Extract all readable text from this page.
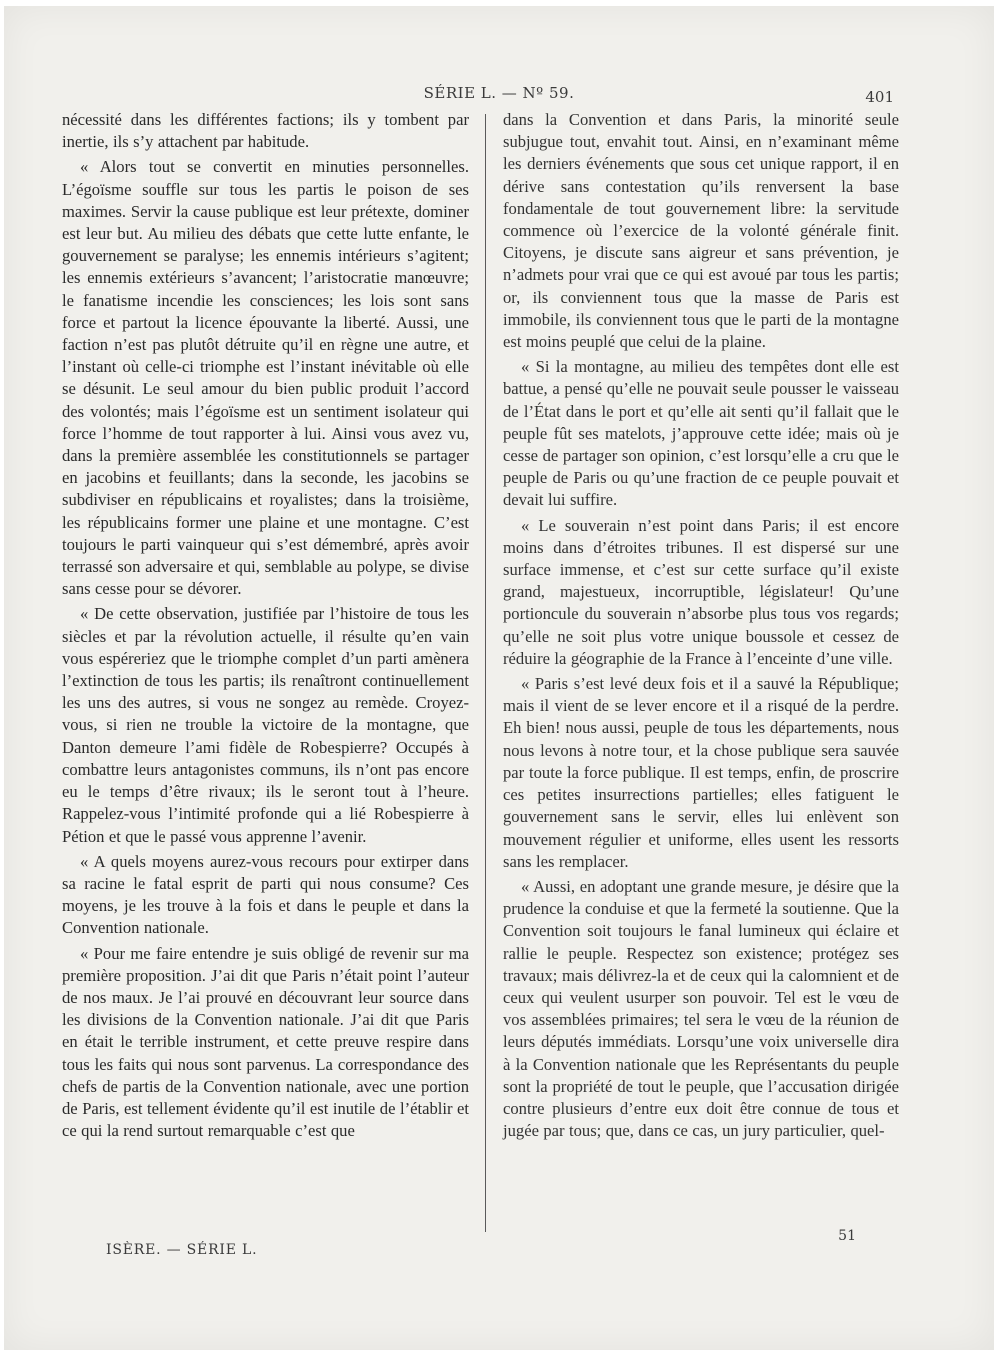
SÉRIE L. — Nº 59.	401

nécessité dans les différentes factions; ils y tombent par inertie, ils s’y attachent par habitude.

« Alors tout se convertit en minuties personnelles. L’égoïsme souffle sur tous les partis le poison de ses maximes. Servir la cause publique est leur prétexte, dominer est leur but. Au milieu des débats que cette lutte enfante, le gouvernement se paralyse; les ennemis intérieurs s’agitent; les ennemis extérieurs s’avancent; l’aristocratie manœuvre; le fanatisme incendie les consciences; les lois sont sans force et partout la licence épouvante la liberté. Aussi, une faction n’est pas plutôt détruite qu’il en règne une autre, et l’instant où celle-ci triomphe est l’instant inévitable où elle se désunit. Le seul amour du bien public produit l’accord des volontés; mais l’égoïsme est un sentiment isolateur qui force l’homme de tout rapporter à lui. Ainsi vous avez vu, dans la première assemblée les constitutionnels se partager en jacobins et feuillants; dans la seconde, les jacobins se subdiviser en républicains et royalistes; dans la troisième, les républicains former une plaine et une montagne. C’est toujours le parti vainqueur qui s’est démembré, après avoir terrassé son adversaire et qui, semblable au polype, se divise sans cesse pour se dévorer.

« De cette observation, justifiée par l’histoire de tous les siècles et par la révolution actuelle, il résulte qu’en vain vous espéreriez que le triomphe complet d’un parti amènera l’extinction de tous les partis; ils renaîtront continuellement les uns des autres, si vous ne songez au remède. Croyez-vous, si rien ne trouble la victoire de la montagne, que Danton demeure l’ami fidèle de Robespierre? Occupés à combattre leurs antagonistes communs, ils n’ont pas encore eu le temps d’être rivaux; ils le seront tout à l’heure. Rappelez-vous l’intimité profonde qui a lié Robespierre à Pétion et que le passé vous apprenne l’avenir.

« A quels moyens aurez-vous recours pour extirper dans sa racine le fatal esprit de parti qui nous consume? Ces moyens, je les trouve à la fois et dans le peuple et dans la Convention nationale.

« Pour me faire entendre je suis obligé de revenir sur ma première proposition. J’ai dit que Paris n’était point l’auteur de nos maux. Je l’ai prouvé en découvrant leur source dans les divisions de la Convention nationale. J’ai dit que Paris en était le terrible instrument, et cette preuve respire dans tous les faits qui nous sont parvenus. La correspondance des chefs de partis de la Convention nationale, avec une portion de Paris, est tellement évidente qu’il est inutile de l’établir et ce qui la rend surtout remarquable c’est que

dans la Convention et dans Paris, la minorité seule subjugue tout, envahit tout. Ainsi, en n’examinant même les derniers événements que sous cet unique rapport, il en dérive sans contestation qu’ils renversent la base fondamentale de tout gouvernement libre: la servitude commence où l’exercice de la volonté générale finit. Citoyens, je discute sans aigreur et sans prévention, je n’admets pour vrai que ce qui est avoué par tous les partis; or, ils conviennent tous que la masse de Paris est immobile, ils conviennent tous que le parti de la montagne est moins peuplé que celui de la plaine.

« Si la montagne, au milieu des tempêtes dont elle est battue, a pensé qu’elle ne pouvait seule pousser le vaisseau de l’État dans le port et qu’elle ait senti qu’il fallait que le peuple fût ses matelots, j’approuve cette idée; mais où je cesse de partager son opinion, c’est lorsqu’elle a cru que le peuple de Paris ou qu’une fraction de ce peuple pouvait et devait lui suffire.

« Le souverain n’est point dans Paris; il est encore moins dans d’étroites tribunes. Il est dispersé sur une surface immense, et c’est sur cette surface qu’il existe grand, majestueux, incorruptible, législateur! Qu’une portioncule du souverain n’absorbe plus tous vos regards; qu’elle ne soit plus votre unique boussole et cessez de réduire la géographie de la France à l’enceinte d’une ville.

« Paris s’est levé deux fois et il a sauvé la République; mais il vient de se lever encore et il a risqué de la perdre. Eh bien! nous aussi, peuple de tous les départements, nous nous levons à notre tour, et la chose publique sera sauvée par toute la force publique. Il est temps, enfin, de proscrire ces petites insurrections partielles; elles fatiguent le gouvernement sans le servir, elles lui enlèvent son mouvement régulier et uniforme, elles usent les ressorts sans les remplacer.

« Aussi, en adoptant une grande mesure, je désire que la prudence la conduise et que la fermeté la soutienne. Que la Convention soit toujours le fanal lumineux qui éclaire et rallie le peuple. Respectez son existence; protégez ses travaux; mais délivrez-la et de ceux qui la calomnient et de ceux qui veulent usurper son pouvoir. Tel est le vœu de vos assemblées primaires; tel sera le vœu de la réunion de leurs députés immédiats. Lorsqu’une voix universelle dira à la Convention nationale que les Représentants du peuple sont la propriété de tout le peuple, que l’accusation dirigée contre plusieurs d’entre eux doit être connue de tous et jugée par tous; que, dans ce cas, un jury particulier, quel-

ISÈRE. — SÉRIE L.
51
